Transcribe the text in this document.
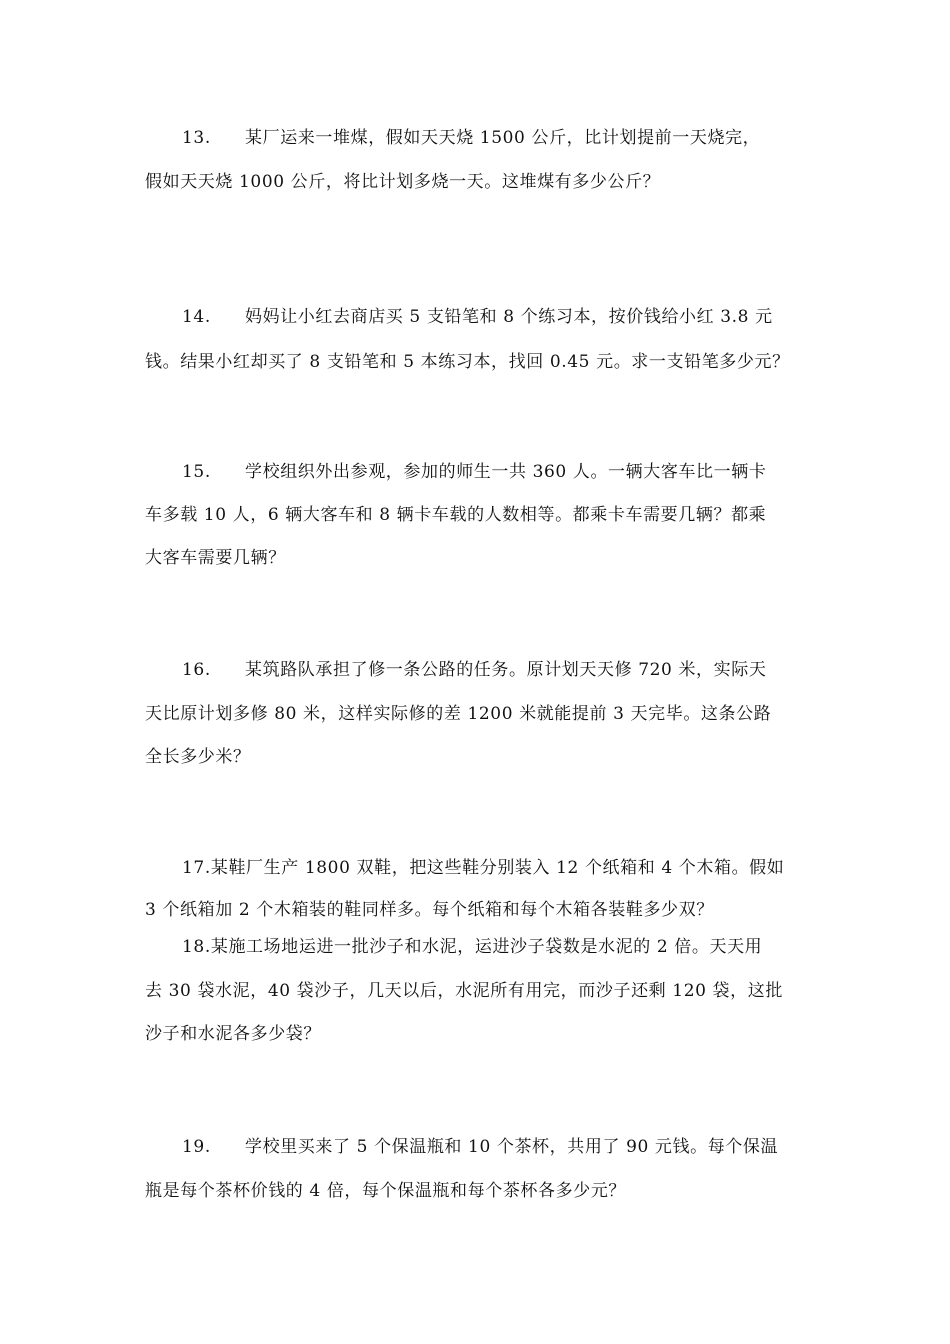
13. 某厂运来一堆煤，假如天天烧 1500 公斤，比计划提前一天烧完，
假如天天烧 1000 公斤，将比计划多烧一天。这堆煤有多少公斤？
14. 妈妈让小红去商店买 5 支铅笔和 8 个练习本，按价钱给小红 3.8 元
钱。结果小红却买了 8 支铅笔和 5 本练习本，找回 0.45 元。求一支铅笔多少元？
15. 学校组织外出参观，参加的师生一共 360 人。一辆大客车比一辆卡
车多载 10 人，6 辆大客车和 8 辆卡车载的人数相等。都乘卡车需要几辆？都乘
大客车需要几辆？
16. 某筑路队承担了修一条公路的任务。原计划天天修 720 米，实际天
天比原计划多修 80 米，这样实际修的差 1200 米就能提前 3 天完毕。这条公路
全长多少米？
17.某鞋厂生产 1800 双鞋，把这些鞋分别装入 12 个纸箱和 4 个木箱。假如
3 个纸箱加 2 个木箱装的鞋同样多。每个纸箱和每个木箱各装鞋多少双？
18.某施工场地运进一批沙子和水泥，运进沙子袋数是水泥的 2 倍。天天用
去 30 袋水泥，40 袋沙子，几天以后，水泥所有用完，而沙子还剩 120 袋，这批
沙子和水泥各多少袋？
19. 学校里买来了 5 个保温瓶和 10 个茶杯，共用了 90 元钱。每个保温
瓶是每个茶杯价钱的 4 倍，每个保温瓶和每个茶杯各多少元？
